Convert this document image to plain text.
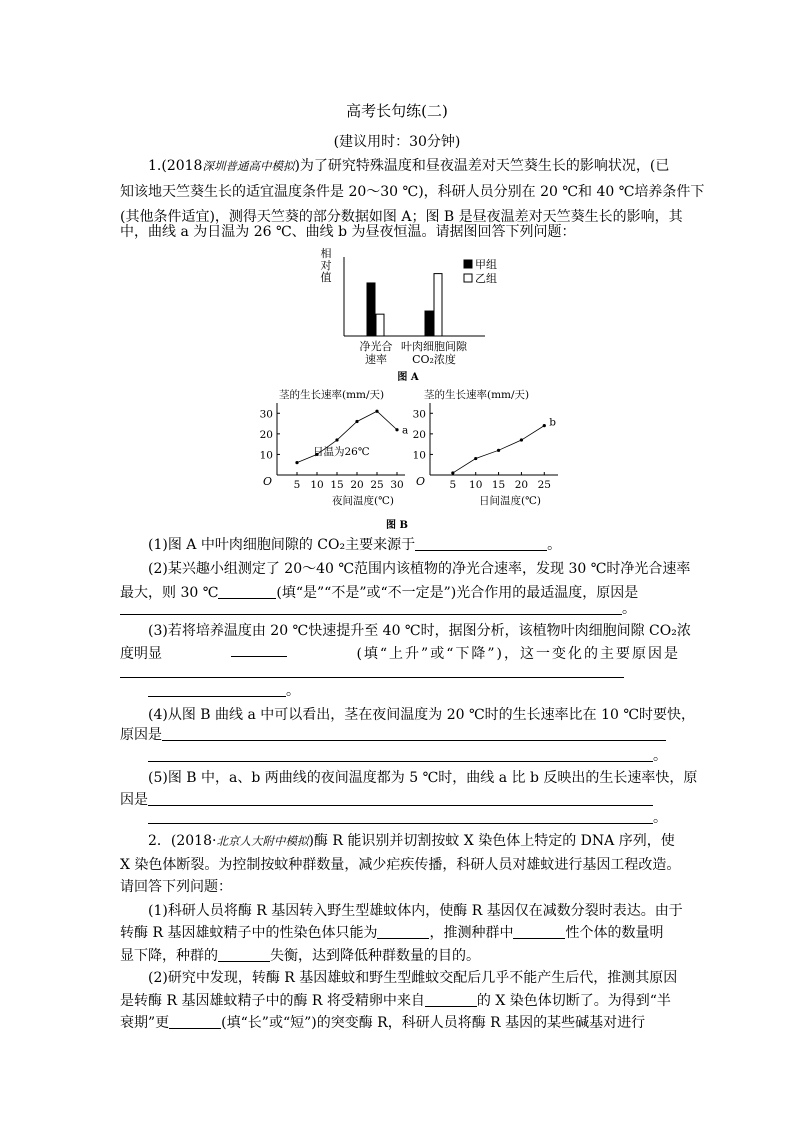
高考长句练(二)
(建议用时：30分钟)
1.(2018深圳普通高中模拟)为了研究特殊温度和昼夜温差对天竺葵生长的影响状况，(已
知该地天竺葵生长的适宜温度条件是 20～30 ℃)，科研人员分别在 20 ℃和 40 ℃培养条件下
(其他条件适宜)，测得天竺葵的部分数据如图 A；图 B 是昼夜温差对天竺葵生长的影响，其
中，曲线 a 为日温为 26 ℃、曲线 b 为昼夜恒温。请据图回答下列问题：
相
对
值
甲组
乙组
净光合
速率
叶肉细胞间隙
CO₂浓度
图 A
茎的生长速率(mm/天)
O 5 10 15 20 25 30
10
20
30
a
日温为26℃
夜间温度(℃)
茎的生长速率(mm/天)
O 5 10 15 20 25
10
20
30
b
日间温度(℃)
图 B
(1)图 A 中叶肉细胞间隙的 CO₂主要来源于	。
(2)某兴趣小组测定了 20～40 ℃范围内该植物的净光合速率，发现 30 ℃时净光合速率
最大，则 30 ℃	(填“是”“不是”或“不一定是”)光合作用的最适温度，原因是
。
(3)若将培养温度由 20 ℃快速提升至 40 ℃时，据图分析，该植物叶肉细胞间隙 CO₂浓
度明显	(填“上升”或“下降”)，这一变化的主要原因是
。
(4)从图 B 曲线 a 中可以看出，茎在夜间温度为 20 ℃时的生长速率比在 10 ℃时要快，
原因是
。
(5)图 B 中，a、b 两曲线的夜间温度都为 5 ℃时，曲线 a 比 b 反映出的生长速率快，原
因是
。
2．(2018·北京人大附中模拟)酶 R 能识别并切割按蚊 X 染色体上特定的 DNA 序列，使
X 染色体断裂。为控制按蚊种群数量，减少疟疾传播，科研人员对雄蚊进行基因工程改造。
请回答下列问题：
(1)科研人员将酶 R 基因转入野生型雄蚊体内，使酶 R 基因仅在减数分裂时表达。由于
转酶 R 基因雄蚊精子中的性染色体只能为	，推测种群中	性个体的数量明
显下降，种群的	失衡，达到降低种群数量的目的。
(2)研究中发现，转酶 R 基因雄蚊和野生型雌蚊交配后几乎不能产生后代，推测其原因
是转酶 R 基因雄蚊精子中的酶 R 将受精卵中来自	的 X 染色体切断了。为得到“半
衰期”更	(填“长”或“短”)的突变酶 R，科研人员将酶 R 基因的某些碱基对进行
